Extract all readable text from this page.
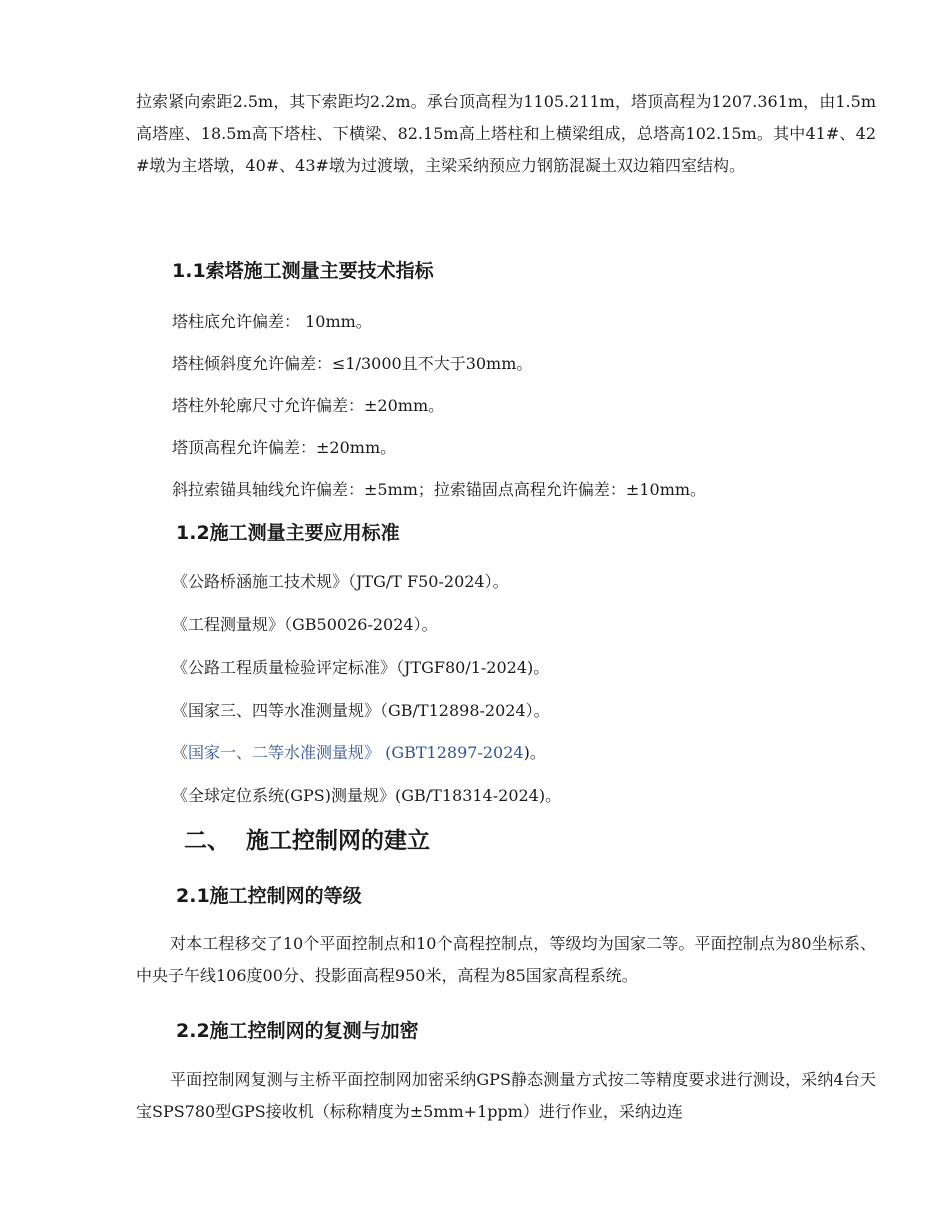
拉索紧向索距2.5m，其下索距均2.2m。承台顶高程为1105.211m，塔顶高程为1207.361m，由1.5m高塔座、18.5m高下塔柱、下横梁、82.15m高上塔柱和上横梁组成，总塔高102.15m。其中41#、42#墩为主塔墩，40#、43#墩为过渡墩，主梁采纳预应力钢筋混凝土双边箱四室结构。

1.1索塔施工测量主要技术指标

塔柱底允许偏差： 10mm。

塔柱倾斜度允许偏差：≤1/3000且不大于30mm。

塔柱外轮廓尺寸允许偏差：±20mm。

塔顶高程允许偏差：±20mm。

斜拉索锚具轴线允许偏差：±5mm；拉索锚固点高程允许偏差：±10mm。

1.2施工测量主要应用标准

《公路桥涵施工技术规》（JTG/T F50-2024）。

《工程测量规》（GB50026-2024）。

《公路工程质量检验评定标准》（JTGF80/1-2024)。

《国家三、四等水准测量规》（GB/T12898-2024）。

《国家一、二等水准测量规》 (GBT12897-2024)。

《全球定位系统(GPS)测量规》(GB/T18314-2024)。

二、  施工控制网的建立
2.1施工控制网的等级

对本工程移交了10个平面控制点和10个高程控制点，等级均为国家二等。平面控制点为80坐标系、中央子午线106度00分、投影面高程950米，高程为85国家高程系统。

2.2施工控制网的复测与加密

平面控制网复测与主桥平面控制网加密采纳GPS静态测量方式按二等精度要求进行测设，采纳4台天宝SPS780型GPS接收机（标称精度为±5mm+1ppm）进行作业，采纳边连
